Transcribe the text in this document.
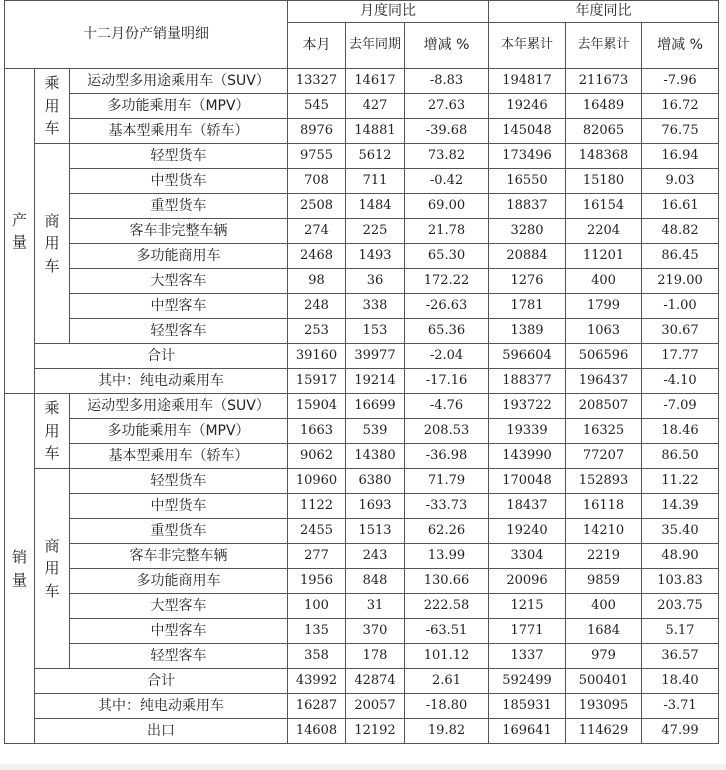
十二月份产销量明细			月度同比			年度同比		
			本月	去年同期	增减 %	本年累计	去年累计	增减 %

产
量	乘
用
车	运动型多用途乘用车（SUV）	13327	14617	-8.83	194817	211673	-7.96
		多功能乘用车（MPV）	545	427	27.63	19246	16489	16.72
		基本型乘用车（轿车）	8976	14881	-39.68	145048	82065	76.75

	商
用
车	轻型货车	9755	5612	73.82	173496	148368	16.94
		中型货车	708	711	-0.42	16550	15180	9.03
		重型货车	2508	1484	69.00	18837	16154	16.61
		客车非完整车辆	274	225	21.78	3280	2204	48.82
		多功能商用车	2468	1493	65.30	20884	11201	86.45
		大型客车	98	36	172.22	1276	400	219.00
		中型客车	248	338	-26.63	1781	1799	-1.00
		轻型客车	253	153	65.36	1389	1063	30.67
	合计		39160	39977	-2.04	596604	506596	17.77
	其中：纯电动乘用车		15917	19214	-17.16	188377	196437	-4.10

销
量	乘
用
车	运动型多用途乘用车（SUV）	15904	16699	-4.76	193722	208507	-7.09
		多功能乘用车（MPV）	1663	539	208.53	19339	16325	18.46
		基本型乘用车（轿车）	9062	14380	-36.98	143990	77207	86.50

	商
用
车	轻型货车	10960	6380	71.79	170048	152893	11.22
		中型货车	1122	1693	-33.73	18437	16118	14.39
		重型货车	2455	1513	62.26	19240	14210	35.40
		客车非完整车辆	277	243	13.99	3304	2219	48.90
		多功能商用车	1956	848	130.66	20096	9859	103.83
		大型客车	100	31	222.58	1215	400	203.75
		中型客车	135	370	-63.51	1771	1684	5.17
		轻型客车	358	178	101.12	1337	979	36.57
	合计		43992	42874	2.61	592499	500401	18.40
	其中：纯电动乘用车		16287	20057	-18.80	185931	193095	-3.71
	出口		14608	12192	19.82	169641	114629	47.99
